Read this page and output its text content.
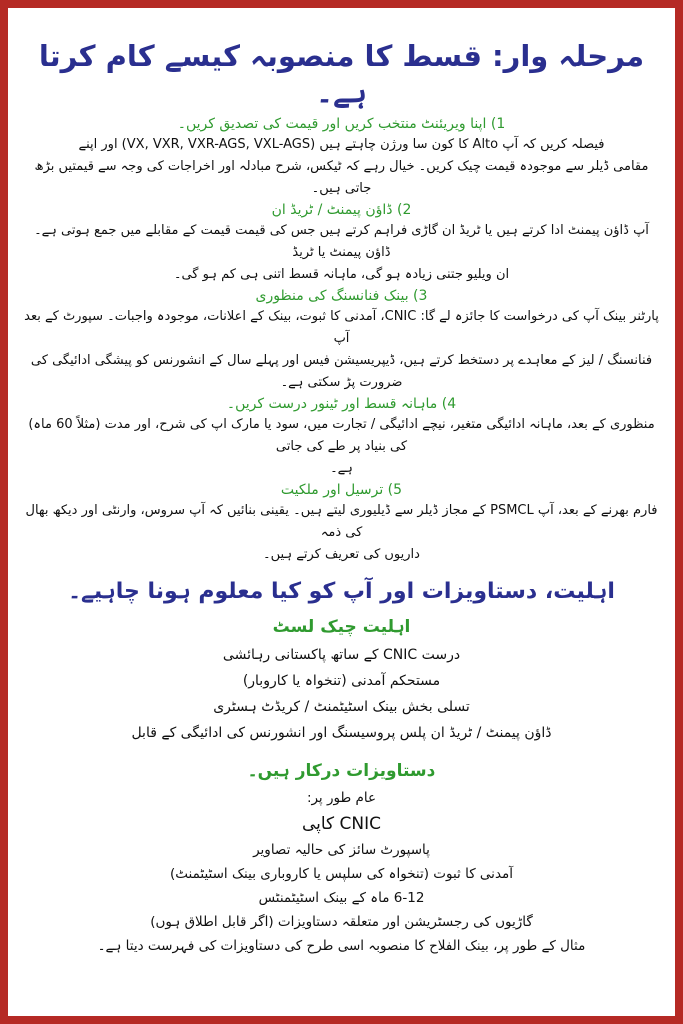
مرحلہ وار: قسط کا منصوبہ کیسے کام کرتا ہے۔

1) اپنا ویریئنٹ منتخب کریں اور قیمت کی تصدیق کریں۔

فیصلہ کریں کہ آپ Alto کا کون سا ورژن چاہتے ہیں (VX, VXR, VXR-AGS, VXL-AGS) اور اپنے

مقامی ڈیلر سے موجودہ قیمت چیک کریں۔ خیال رہے کہ ٹیکس، شرح مبادلہ اور اخراجات کی وجہ سے قیمتیں بڑھ جاتی ہیں۔

2) ڈاؤن پیمنٹ / ٹریڈ ان

آپ ڈاؤن پیمنٹ ادا کرتے ہیں یا ٹریڈ ان گاڑی فراہم کرتے ہیں جس کی قیمت قیمت کے مقابلے میں جمع ہوتی ہے۔ ڈاؤن پیمنٹ یا ٹریڈ

ان ویلیو جتنی زیادہ ہو گی، ماہانہ قسط اتنی ہی کم ہو گی۔

3) بینک فنانسنگ کی منظوری

پارٹنر بینک آپ کی درخواست کا جائزہ لے گا: CNIC، آمدنی کا ثبوت، بینک کے اعلانات، موجودہ واجبات۔ سپورٹ کے بعد آپ

فنانسنگ / لیز کے معاہدے پر دستخط کرتے ہیں، ڈیپریسیشن فیس اور پہلے سال کے انشورنس کو پیشگی ادائیگی کی ضرورت پڑ سکتی ہے۔

4) ماہانہ قسط اور ٹینور درست کریں۔

منظوری کے بعد، ماہانہ ادائیگی متغیر، نیچے ادائیگی / تجارت میں، سود یا مارک اپ کی شرح، اور مدت (مثلاً 60 ماہ) کی بنیاد پر طے کی جاتی

ہے۔

5) ترسیل اور ملکیت

فارم بھرنے کے بعد، آپ PSMCL کے مجاز ڈیلر سے ڈیلیوری لیتے ہیں۔ یقینی بنائیں کہ آپ سروس، وارنٹی اور دیکھ بھال کی ذمہ

داریوں کی تعریف کرتے ہیں۔

اہلیت، دستاویزات اور آپ کو کیا معلوم ہونا چاہیے۔
اہلیت چیک لسٹ

درست CNIC کے ساتھ پاکستانی رہائشی

مستحکم آمدنی (تنخواہ یا کاروبار)

تسلی بخش بینک اسٹیٹمنٹ / کریڈٹ ہسٹری

ڈاؤن پیمنٹ / ٹریڈ ان پلس پروسیسنگ اور انشورنس کی ادائیگی کے قابل

دستاویزات درکار ہیں۔

عام طور پر:

CNIC کاپی

پاسپورٹ سائز کی حالیہ تصاویر

آمدنی کا ثبوت (تنخواہ کی سلپس یا کاروباری بینک اسٹیٹمنٹ)

6-12 ماہ کے بینک اسٹیٹمنٹس

گاڑیوں کی رجسٹریشن اور متعلقہ دستاویزات (اگر قابل اطلاق ہوں)

مثال کے طور پر، بینک الفلاح کا منصوبہ اسی طرح کی دستاویزات کی فہرست دیتا ہے۔
